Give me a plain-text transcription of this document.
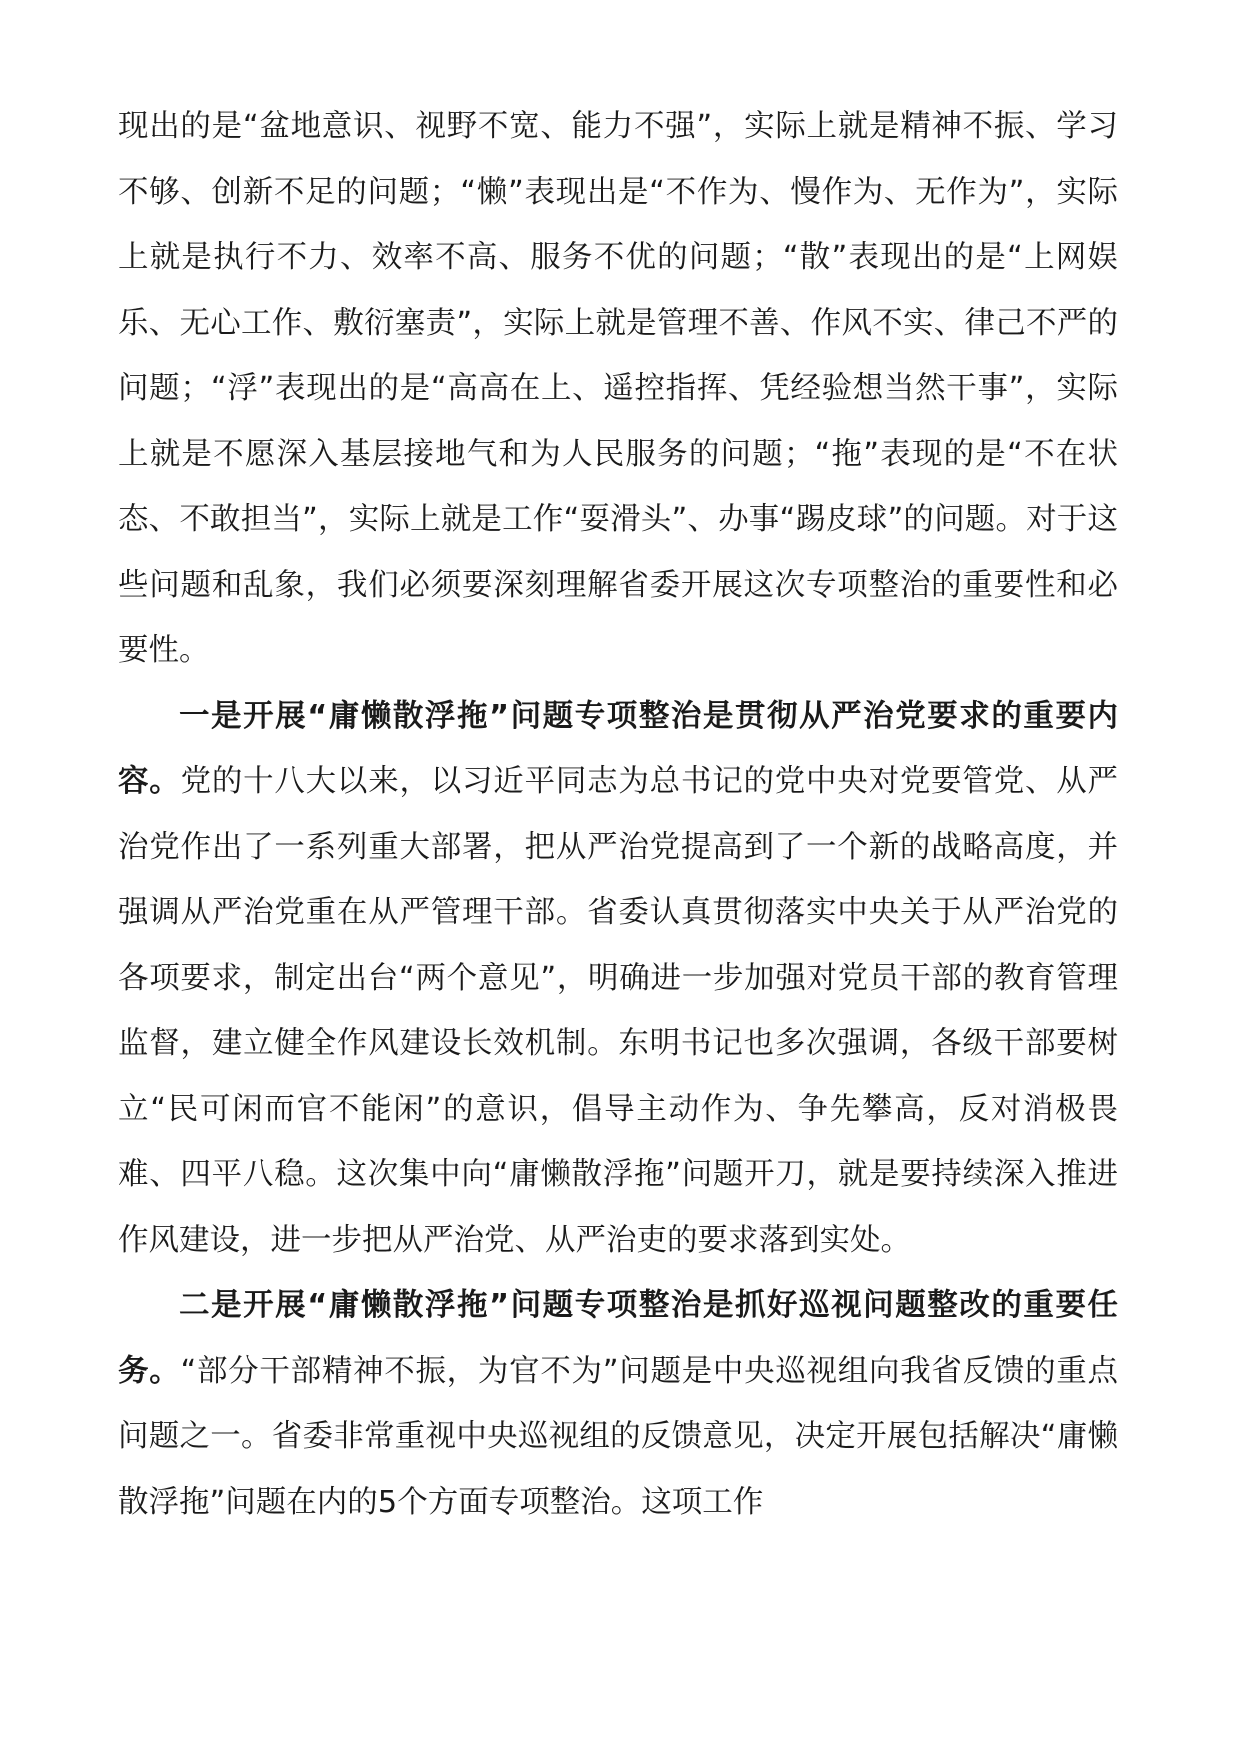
现出的是“盆地意识、视野不宽、能力不强”，实际上就是精神不振、学习不够、创新不足的问题；“懒”表现出是“不作为、慢作为、无作为”，实际上就是执行不力、效率不高、服务不优的问题；“散”表现出的是“上网娱乐、无心工作、敷衍塞责”，实际上就是管理不善、作风不实、律己不严的问题；“浮”表现出的是“高高在上、遥控指挥、凭经验想当然干事”，实际上就是不愿深入基层接地气和为人民服务的问题；“拖”表现的是“不在状态、不敢担当”，实际上就是工作“耍滑头”、办事“踢皮球”的问题。对于这些问题和乱象，我们必须要深刻理解省委开展这次专项整治的重要性和必要性。

一是开展“庸懒散浮拖”问题专项整治是贯彻从严治党要求的重要内容。党的十八大以来，以习近平同志为总书记的党中央对党要管党、从严治党作出了一系列重大部署，把从严治党提高到了一个新的战略高度，并强调从严治党重在从严管理干部。省委认真贯彻落实中央关于从严治党的各项要求，制定出台“两个意见”，明确进一步加强对党员干部的教育管理监督，建立健全作风建设长效机制。东明书记也多次强调，各级干部要树立“民可闲而官不能闲”的意识，倡导主动作为、争先攀高，反对消极畏难、四平八稳。这次集中向“庸懒散浮拖”问题开刀，就是要持续深入推进作风建设，进一步把从严治党、从严治吏的要求落到实处。

二是开展“庸懒散浮拖”问题专项整治是抓好巡视问题整改的重要任务。“部分干部精神不振，为官不为”问题是中央巡视组向我省反馈的重点问题之一。省委非常重视中央巡视组的反馈意见，决定开展包括解决“庸懒散浮拖”问题在内的5个方面专项整治。这项工作
